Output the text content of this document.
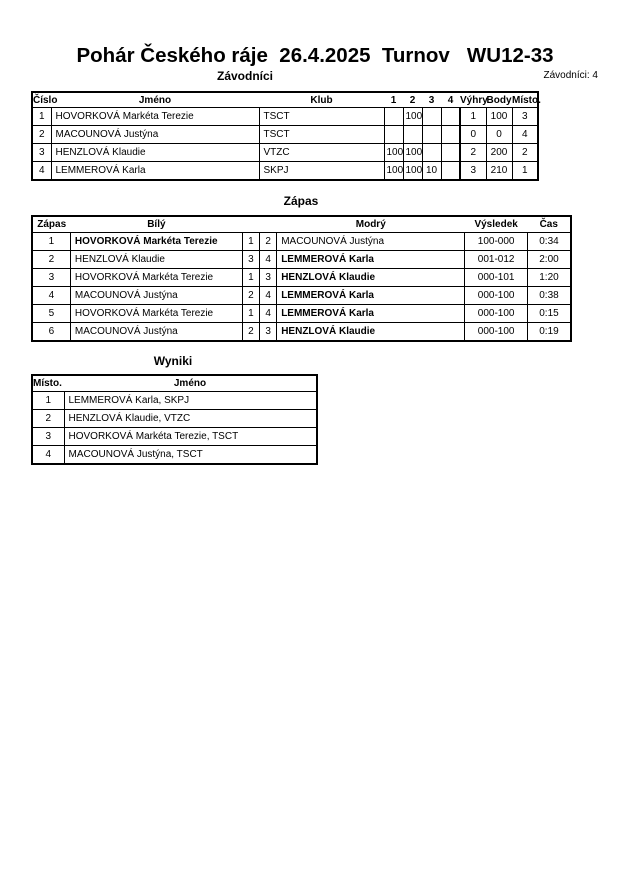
Pohár Českého ráje  26.4.2025  Turnov   WU12-33
Závodníci	Závodníci: 4
Číslo	Jméno	Klub	1	2	3	4	Výhry	Body	Místo.
1	HOVORKOVÁ Markéta Terezie	TSCT		100			1	100	3
2	MACOUNOVÁ Justýna	TSCT					0	0	4
3	HENZLOVÁ Klaudie	VTZC	100	100			2	200	2
4	LEMMEROVÁ Karla	SKPJ	100	100	10		3	210	1
Zápas
Zápas	Bílý			Modrý	Výsledek	Čas
1	HOVORKOVÁ Markéta Terezie	1	2	MACOUNOVÁ Justýna	100-000	0:34
2	HENZLOVÁ Klaudie	3	4	LEMMEROVÁ Karla	001-012	2:00
3	HOVORKOVÁ Markéta Terezie	1	3	HENZLOVÁ Klaudie	000-101	1:20
4	MACOUNOVÁ Justýna	2	4	LEMMEROVÁ Karla	000-100	0:38
5	HOVORKOVÁ Markéta Terezie	1	4	LEMMEROVÁ Karla	000-100	0:15
6	MACOUNOVÁ Justýna	2	3	HENZLOVÁ Klaudie	000-100	0:19
Wyniki
Místo.	Jméno
1	LEMMEROVÁ Karla, SKPJ
2	HENZLOVÁ Klaudie, VTZC
3	HOVORKOVÁ Markéta Terezie, TSCT
4	MACOUNOVÁ Justýna, TSCT
